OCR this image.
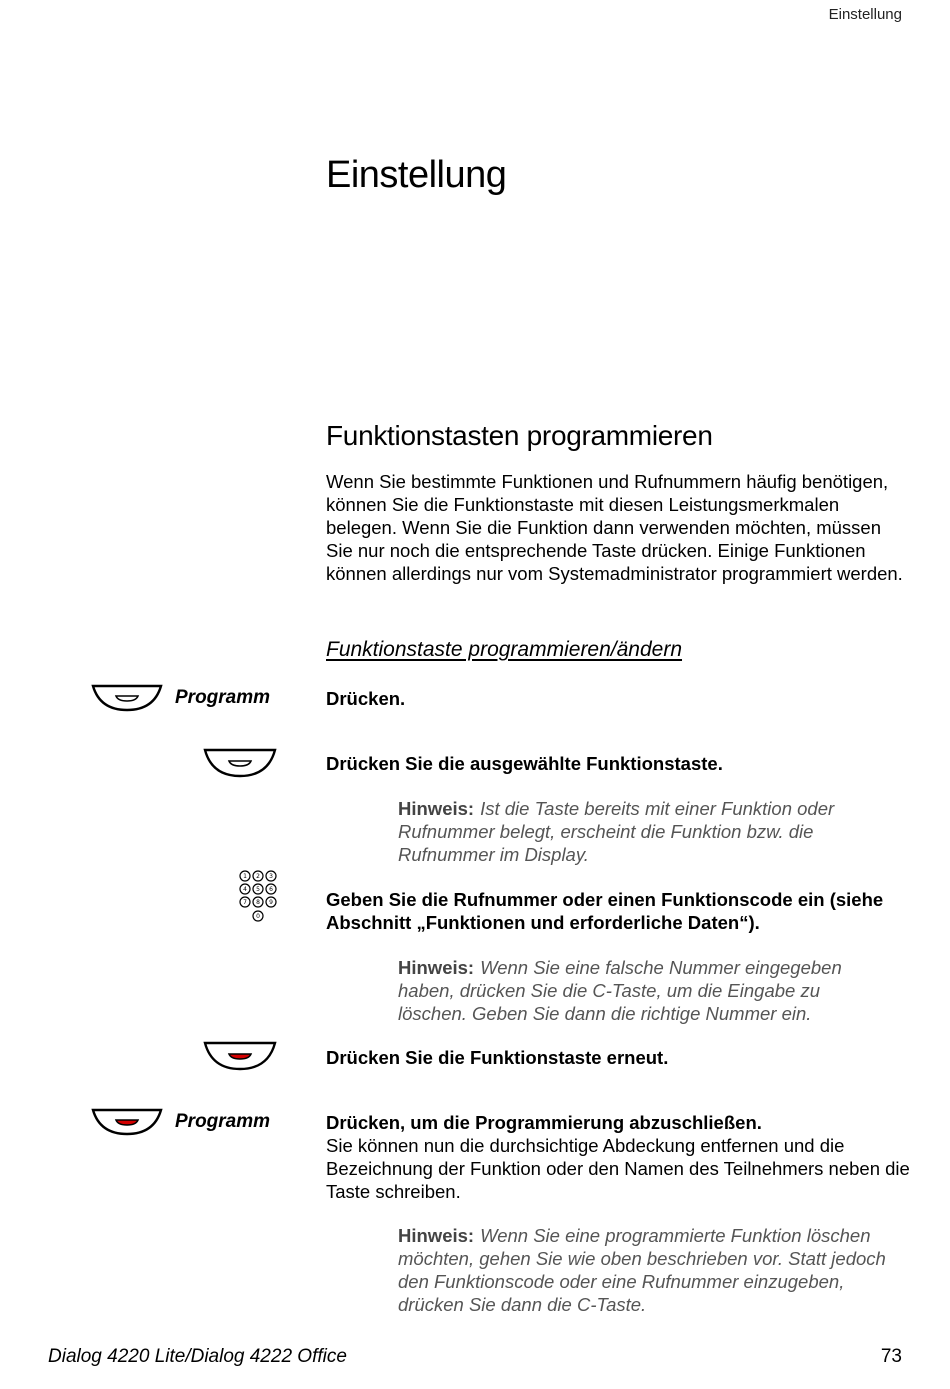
Einstellung
Einstellung
Funktionstasten programmieren
Wenn Sie bestimmte Funktionen und Rufnummern häufig benötigen, können Sie die Funktionstaste mit diesen Leistungsmerkmalen belegen. Wenn Sie die Funktion dann verwenden möchten, müssen Sie nur noch die entsprechende Taste drücken. Einige Funktionen können allerdings nur vom Systemadministrator programmiert werden.
Funktionstaste programmieren/ändern
Programm	Drücken.
Drücken Sie die ausgewählte Funktionstaste.
Hinweis: Ist die Taste bereits mit einer Funktion oder Rufnummer belegt, erscheint die Funktion bzw. die Rufnummer im Display.
1 2 3
4 5 6
7 8 9
0
Geben Sie die Rufnummer oder einen Funktionscode ein (siehe Abschnitt „Funktionen und erforderliche Daten“).
Hinweis: Wenn Sie eine falsche Nummer eingegeben haben, drücken Sie die C-Taste, um die Eingabe zu löschen. Geben Sie dann die richtige Nummer ein.
Drücken Sie die Funktionstaste erneut.
Programm	Drücken, um die Programmierung abzuschließen.
Sie können nun die durchsichtige Abdeckung entfernen und die Bezeichnung der Funktion oder den Namen des Teilnehmers neben die Taste schreiben.
Hinweis: Wenn Sie eine programmierte Funktion löschen möchten, gehen Sie wie oben beschrieben vor. Statt jedoch den Funktionscode oder eine Rufnummer einzugeben, drücken Sie dann die C-Taste.
Dialog 4220 Lite/Dialog 4222 Office	73
